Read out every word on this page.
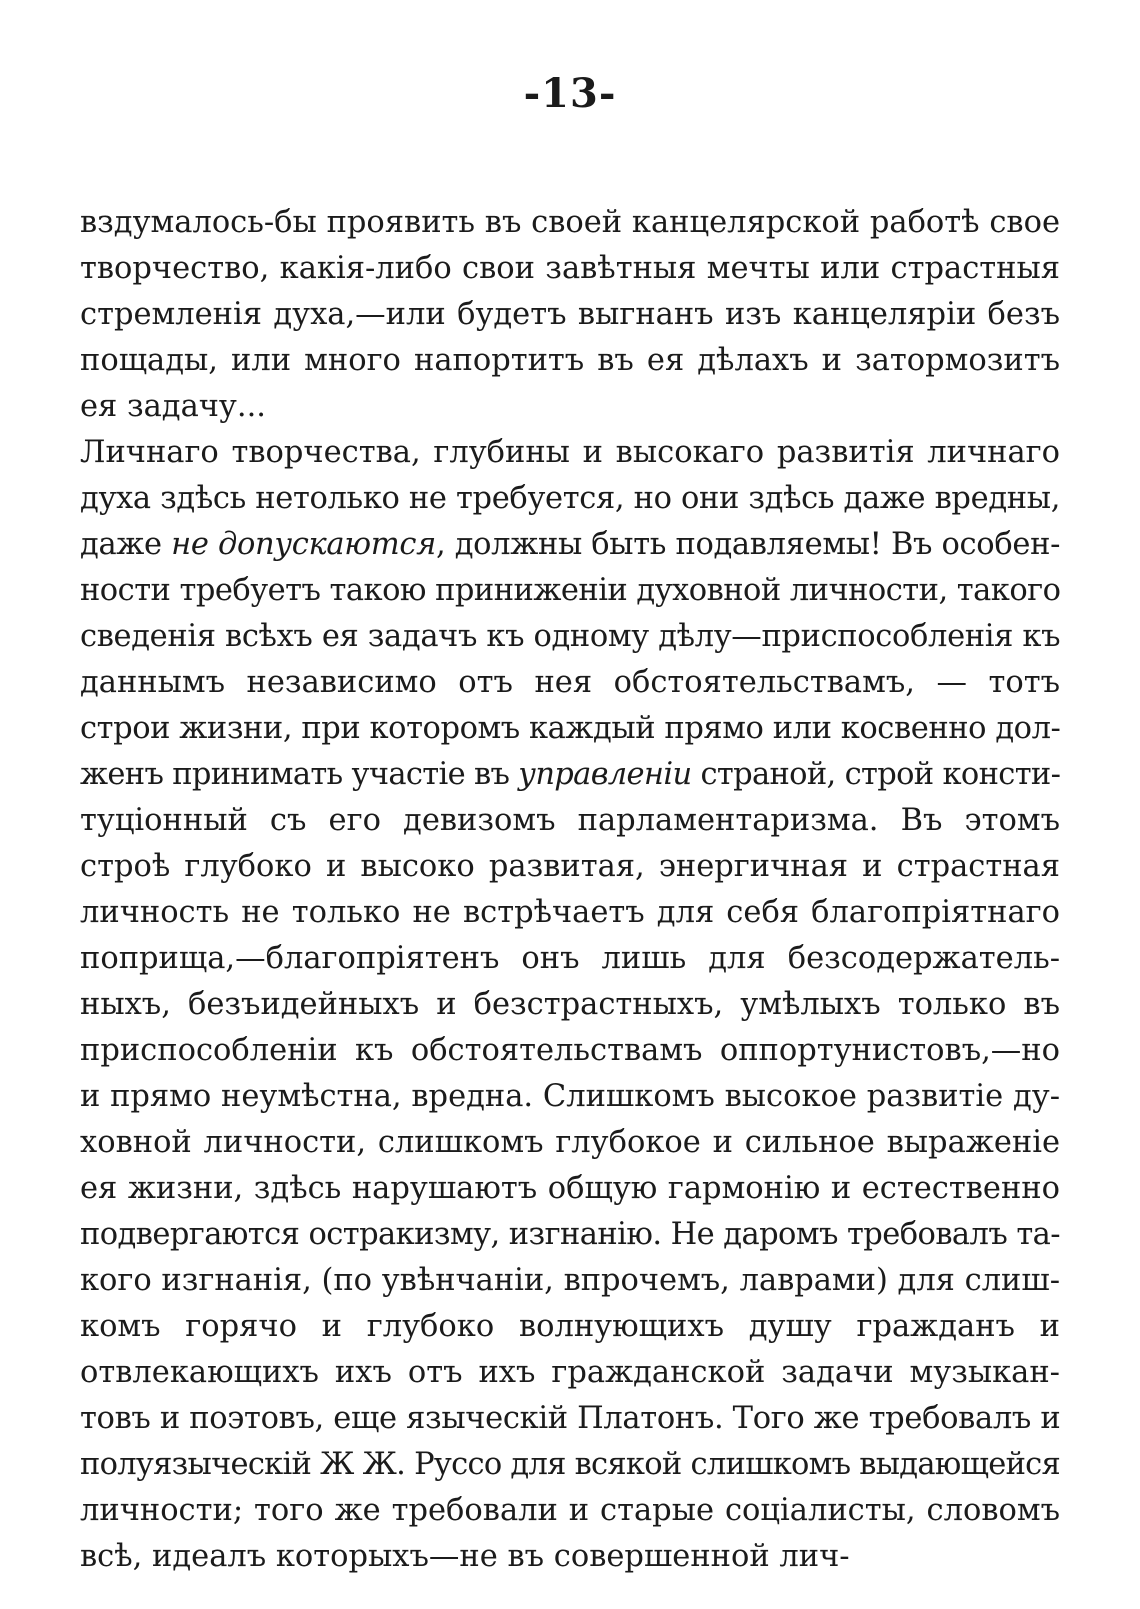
-13-
вздумалось-бы проявить въ своей канцелярской работѣ свое
творчество, какія-либо свои завѣтныя мечты или страстныя
стремленія духа,—или будетъ выгнанъ изъ канцеляріи безъ
пощады, или много напортитъ въ ея дѣлахъ и затормозитъ
ея задачу...
Личнаго творчества, глубины и высокаго развитія личнаго
духа здѣсь нетолько не требуется, но они здѣсь даже вредны,
даже не допускаются, должны быть подавляемы! Въ особен-
ности требуетъ такою приниженіи духовной личности, такого
сведенія всѣхъ ея задачъ къ одному дѣлу—приспособленія къ
даннымъ независимо отъ нея обстоятельствамъ, — тотъ
строи жизни, при которомъ каждый прямо или косвенно дол-
женъ принимать участіе въ управленіи страной, строй консти-
туціонный съ его девизомъ парламентаризма. Въ этомъ
строѣ глубоко и высоко развитая, энергичная и страстная
личность не только не встрѣчаетъ для себя благопріятнаго
поприща,—благопріятенъ онъ лишь для безсодержатель-
ныхъ, безъидейныхъ и безстрастныхъ, умѣлыхъ только въ
приспособленіи къ обстоятельствамъ оппортунистовъ,—но
и прямо неумѣстна, вредна. Слишкомъ высокое развитіе ду-
ховной личности, слишкомъ глубокое и сильное выраженіе
ея жизни, здѣсь нарушаютъ общую гармонію и естественно
подвергаются остракизму, изгнанію. Не даромъ требовалъ та-
кого изгнанія, (по увѣнчаніи, впрочемъ, лаврами) для слиш-
комъ горячо и глубоко волнующихъ душу гражданъ и
отвлекающихъ ихъ отъ ихъ гражданской задачи музыкан-
товъ и поэтовъ, еще языческій Платонъ. Того же требовалъ и
полуязыческій Ж Ж. Руссо для всякой слишкомъ выдающейся
личности; того же требовали и старые соціалисты, словомъ
всѣ, идеалъ которыхъ—не въ совершенной лич-
